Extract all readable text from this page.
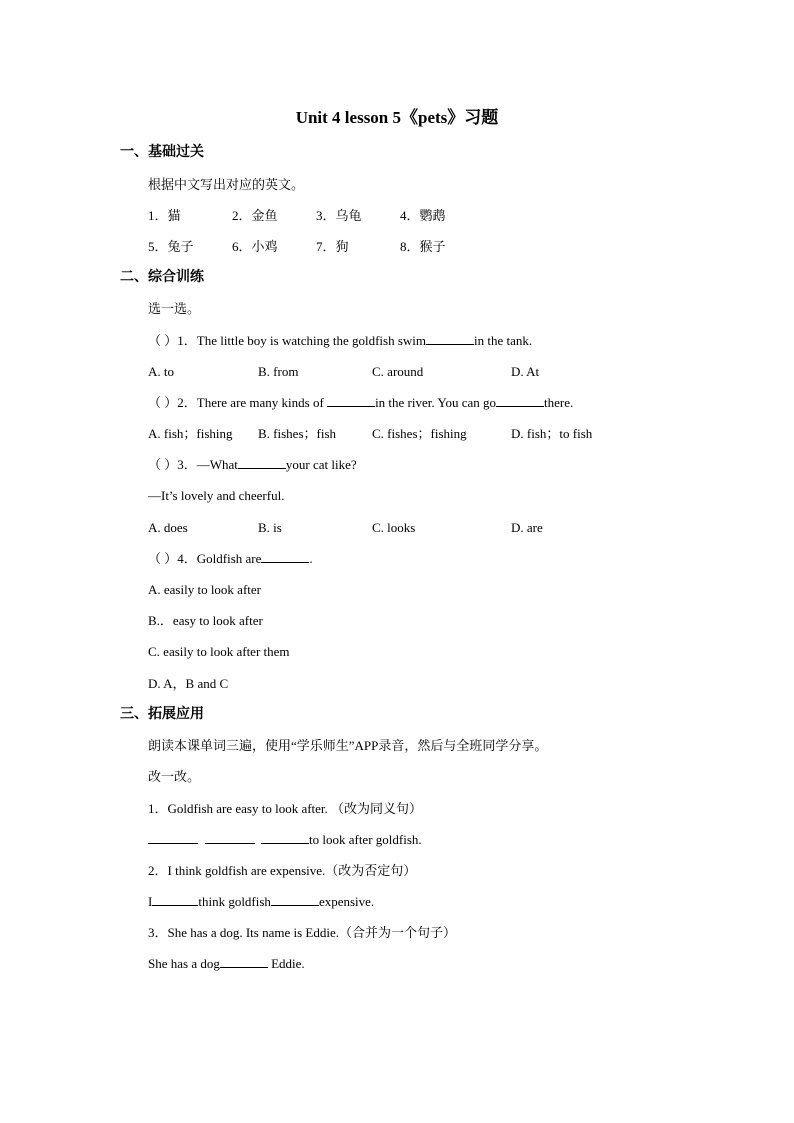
Unit 4 lesson 5《pets》习题
一、基础过关
根据中文写出对应的英文。
1．猫	2．金鱼	3．乌龟	4．鹦鹉
5．兔子	6．小鸡	7．狗	8．猴子
二、综合训练
选一选。
（ ）1．The little boy is watching the goldfish swim	in the tank.
A. to	B. from	C. around	D. At
（ ）2．There are many kinds of	in the river. You can go	there.
A. fish；fishing B. fishes；fish	C. fishes；fishing	D. fish；to fish
（ ）3．—What	your cat like?
—It’s lovely and cheerful.
A. does	B. is	C. looks	D. are
（ ）4．Goldfish are	.
A. easily to look after
B.．easy to look after
C. easily to look after them
D. A，B and C
三、拓展应用
朗读本课单词三遍，使用“学乐师生”APP录音，然后与全班同学分享。
改一改。
1．Goldfish are easy to look after. （改为同义句）
to look after goldfish.
2．I think goldfish are expensive.（改为否定句）
I	think goldfish	expensive.
3．She has a dog. Its name is Eddie.（合并为一个句子）
She has a dog	Eddie.
